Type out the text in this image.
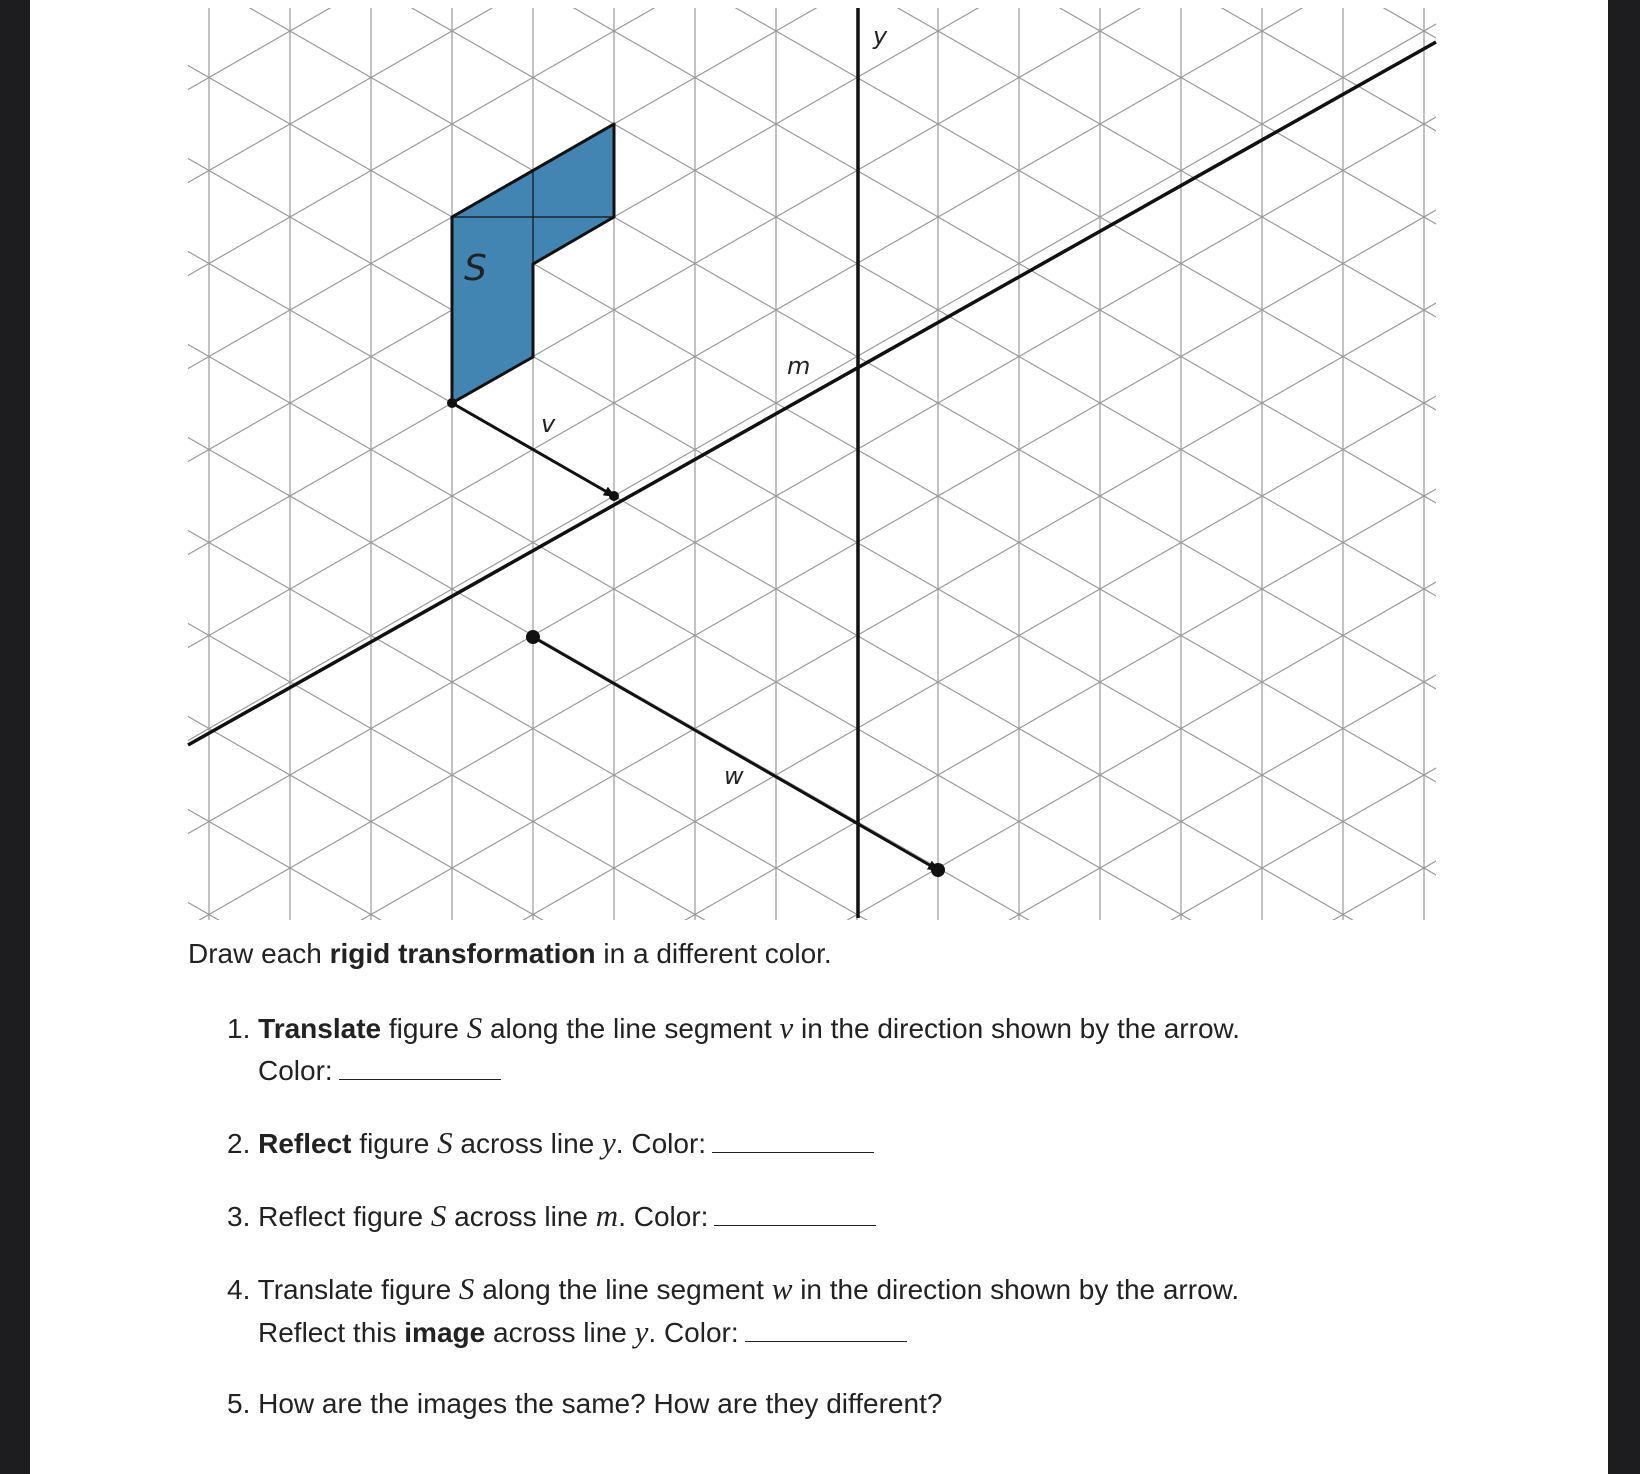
y
m
S
v
w
Draw each rigid transformation in a different color.
1. Translate figure S along the line segment v in the direction shown by the arrow.
Color:
2. Reflect figure S across line y. Color:
3. Reflect figure S across line m. Color:
4. Translate figure S along the line segment w in the direction shown by the arrow.
Reflect this image across line y. Color:
5. How are the images the same? How are they different?
